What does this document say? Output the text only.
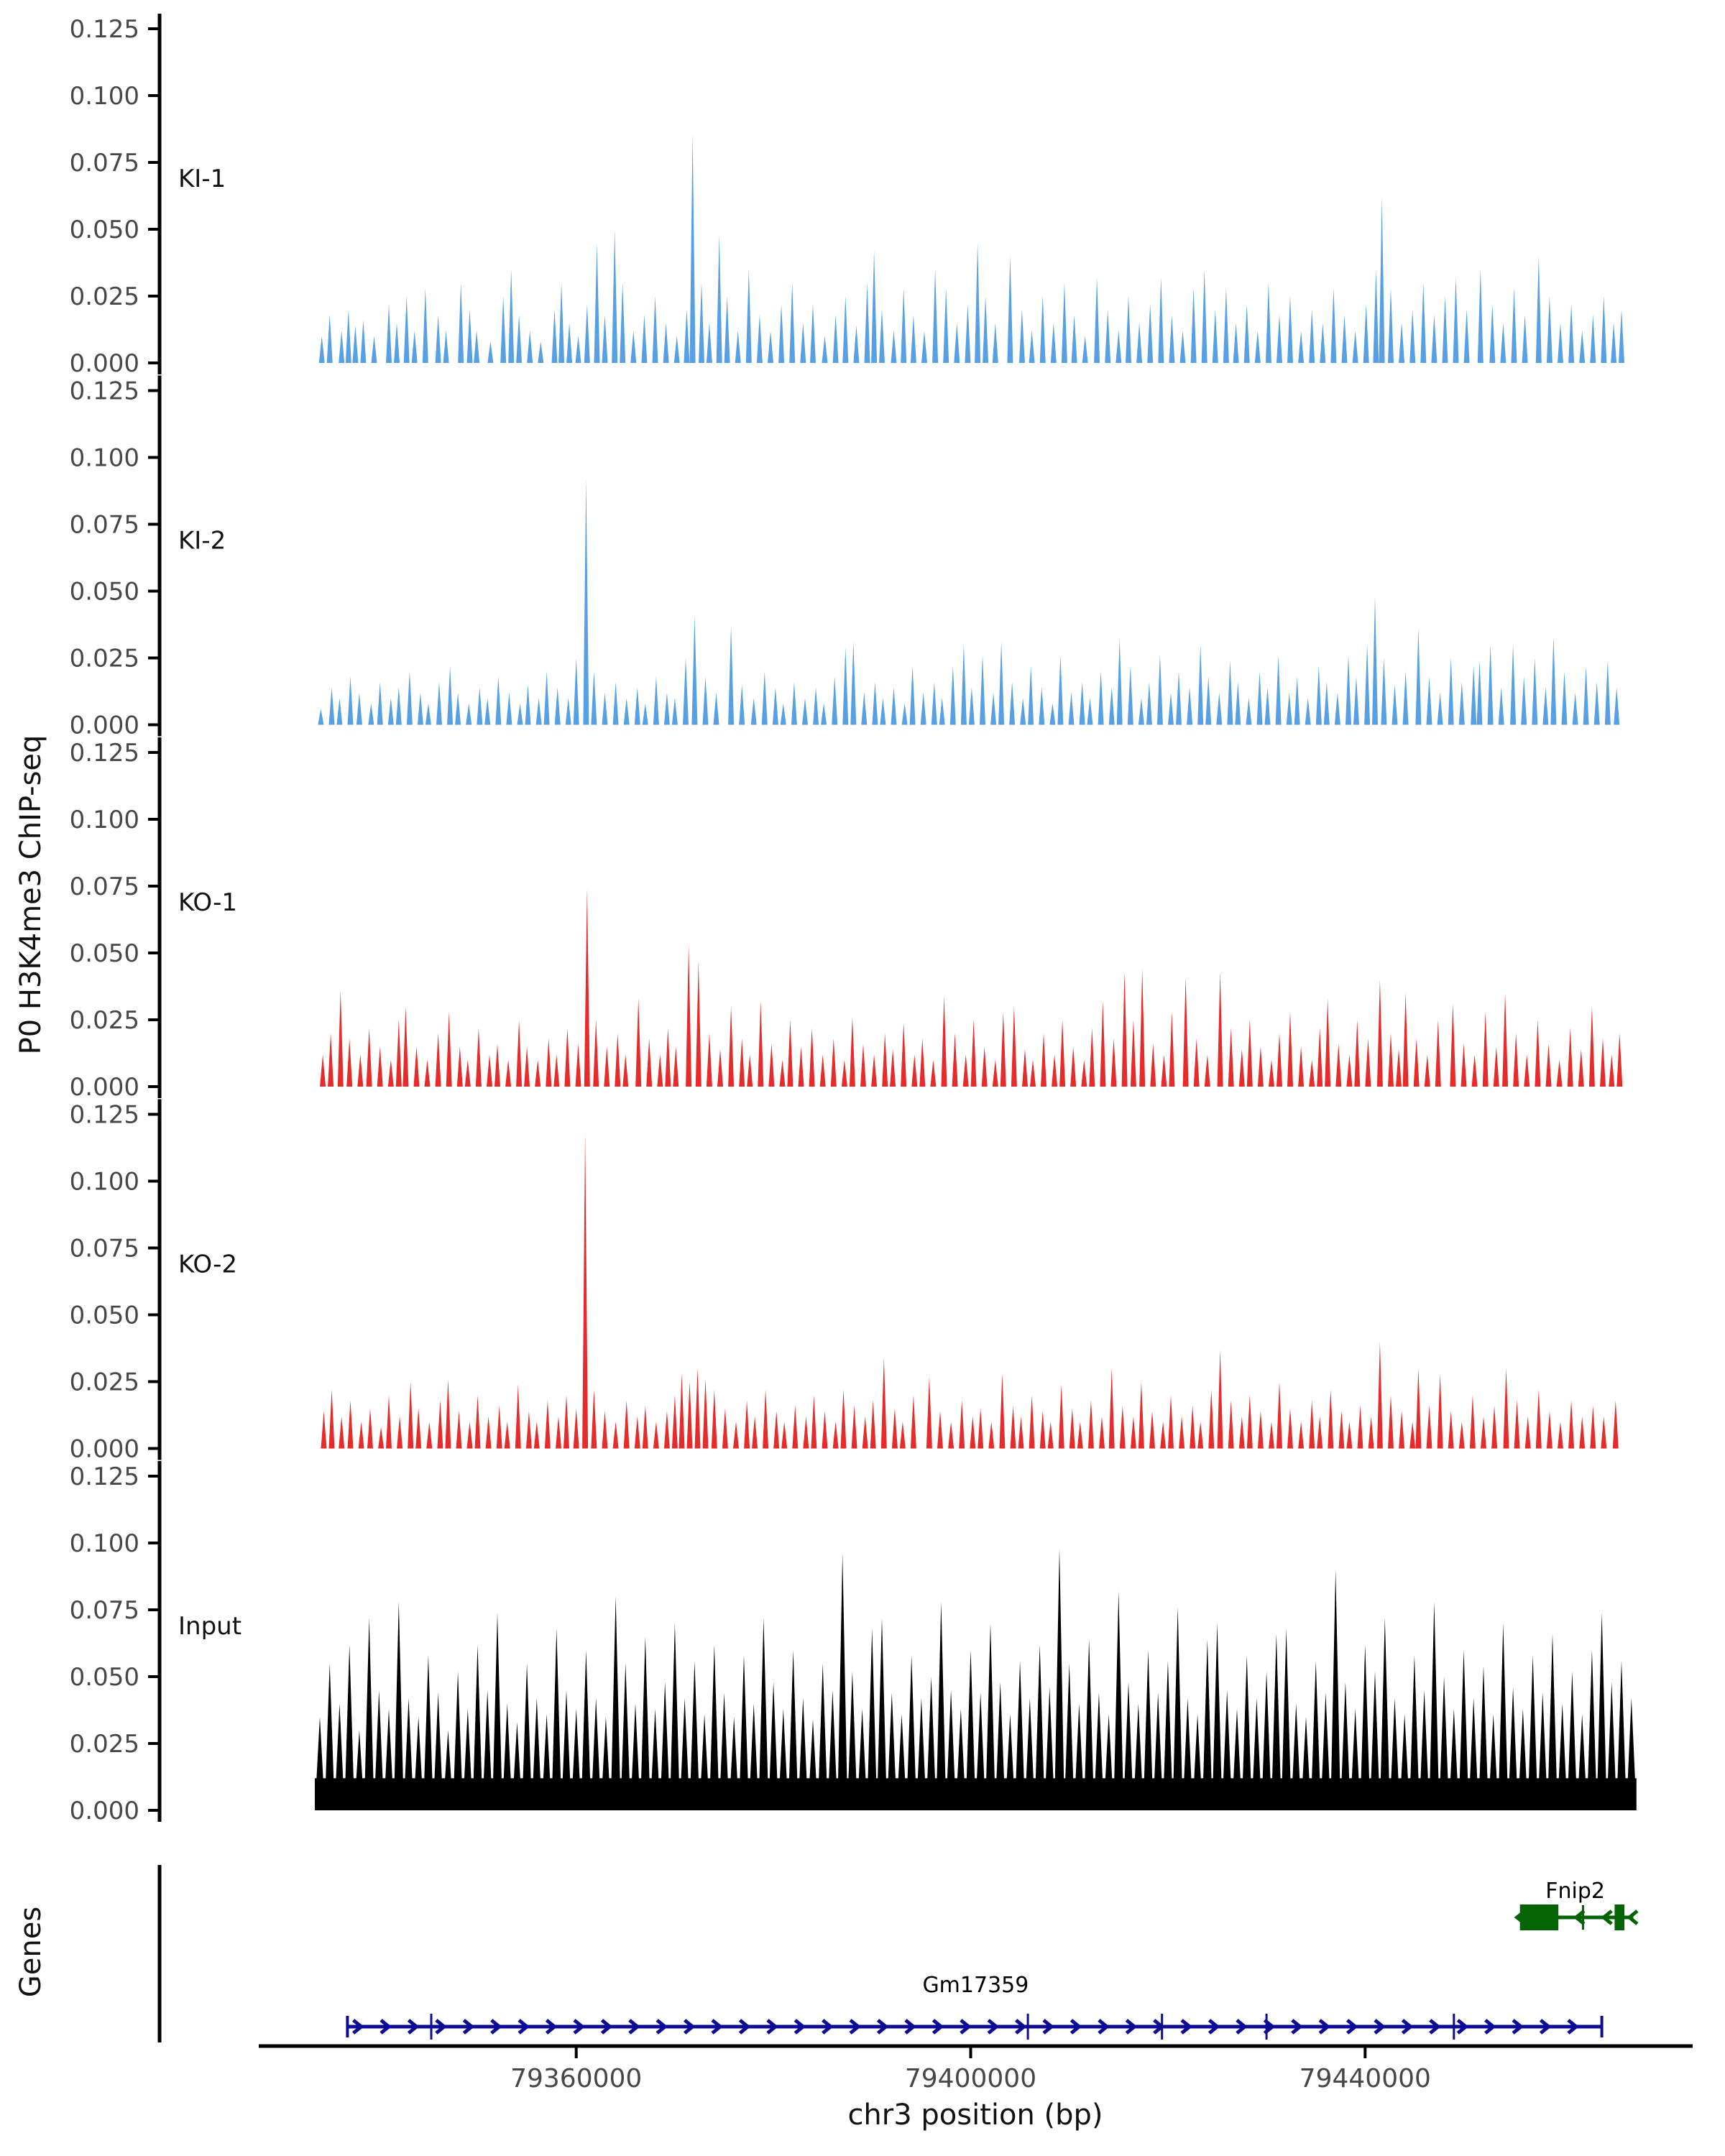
0.000
0.025
0.050
0.075
0.100
0.125
KI-1
0.000
0.025
0.050
0.075
0.100
0.125
KI-2
0.000
0.025
0.050
0.075
0.100
0.125
KO-1
0.000
0.025
0.050
0.075
0.100
0.125
KO-2
0.000
0.025
0.050
0.075
0.100
0.125
Input
Fnip2
Gm17359
79360000	79400000	79440000
P0 H3K4me3 ChIP-seq
Genes
chr3 position (bp)
